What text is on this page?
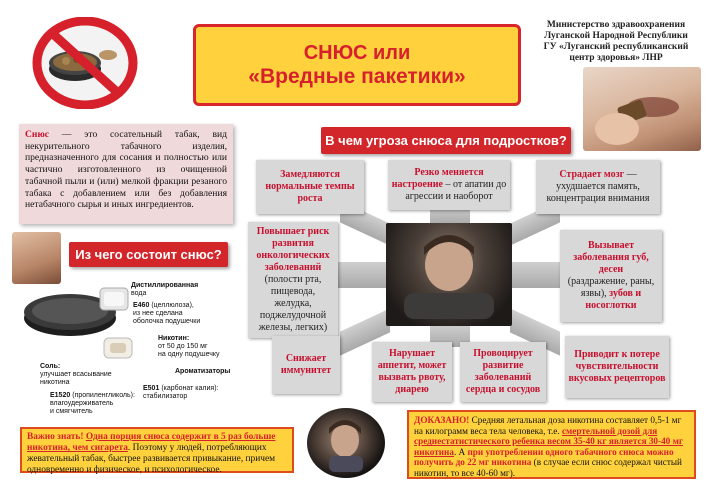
СНЮС или
«Вредные пакетики»
Министерство здравоохранения
Луганской Народной Республики
ГУ «Луганский республиканский
центр здоровья» ЛНР
Снюс — это сосательный табак, вид некурительного табачного изделия, предназначенного для сосания и полностью или частично изготовленного из очищенной табачной пыли и (или) мелкой фракции резаного табака с добавлением или без добавления нетабачного сырья и иных ингредиентов.
В чем угроза снюса для подростков?
Из чего состоит снюс?
Дистиллированная
вода
Е460 (целлюлоза),
из нее сделана
оболочка подушечки
Никотин:
от 50 до 150 мг
на одну подушечку
Ароматизаторы
Е501 (карбонат калия):
стабилизатор
Соль:
улучшает всасывание
никотина
Е1520 (пропиленгликоль):
влагоудерживатель
и смягчитель
Замедляются нормальные темпы роста
Резко меняется
настроение – от апатии до агрессии и наоборот
Страдает мозг — ухудшается память, концентрация внимания
Повышает риск развития онкологических заболеваний
(полости рта, пищевода, желудка, поджелудочной железы, легких)
Вызывает заболевания губ, десен
(раздражение, раны, язвы), зубов и носоглотки
Снижает иммунитет
Нарушает аппетит, может вызвать рвоту, диарею
Провоцирует развитие заболеваний сердца и сосудов
Приводит к потере чувствительности вкусовых рецепторов
Важно знать! Одна порция снюса содержит в 5 раз больше никотина, чем сигарета. Поэтому у людей, потребляющих жевательный табак, быстрее развивается привыкание, причем одновременно и физическое, и психологическое.
ДОКАЗАНО! Средняя летальная доза никотина составляет 0,5-1 мг на килограмм веса тела человека, т.е. смертельной дозой для среднестатистического ребенка весом 35-40 кг является 30-40 мг никотина. А при употреблении одного табачного снюса можно получить до 22 мг никотина (в случае если снюс содержал чистый никотин, то все 40-60 мг).
